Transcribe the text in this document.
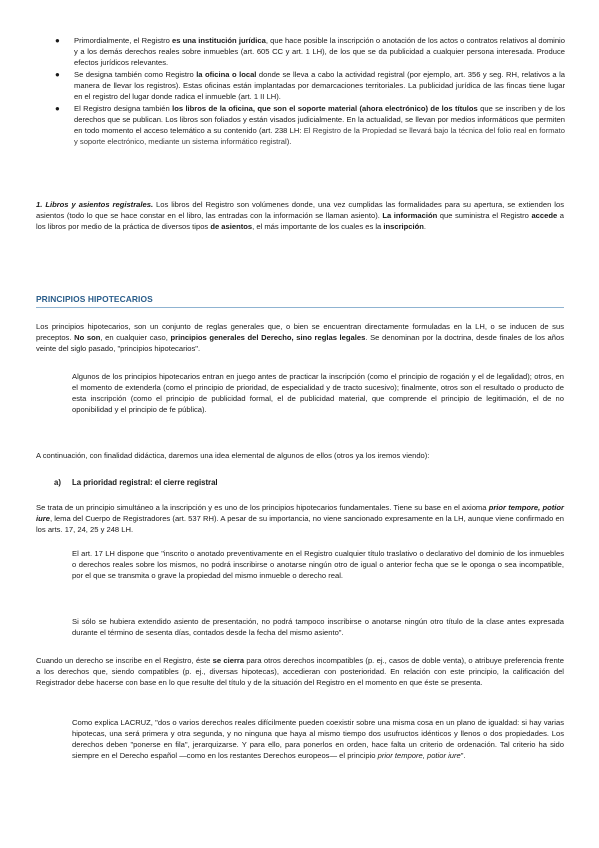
● Primordialmente, el Registro es una institución jurídica, que hace posible la inscripción o anotación de los actos o contratos relativos al dominio y a los demás derechos reales sobre inmuebles (art. 605 CC y art. 1 LH), de los que se da publicidad a cualquier persona interesada. Produce efectos jurídicos relevantes.

● Se designa también como Registro la oficina o local donde se lleva a cabo la actividad registral (por ejemplo, art. 356 y seg. RH, relativos a la manera de llevar los registros). Estas oficinas están implantadas por demarcaciones territoriales. La publicidad jurídica de las fincas tiene lugar en el registro del lugar donde radica el inmueble (art. 1 II LH).

● El Registro designa también los libros de la oficina, que son el soporte material (ahora electrónico) de los títulos que se inscriben y de los derechos que se publican. Los libros son foliados y están visados judicialmente. En la actualidad, se llevan por medios informáticos que permiten en todo momento el acceso telemático a su contenido (art. 238 LH: El Registro de la Propiedad se llevará bajo la técnica del folio real en formato y soporte electrónico, mediante un sistema informático registral).

1. Libros y asientos registrales. Los libros del Registro son volúmenes donde, una vez cumplidas las formalidades para su apertura, se extienden los asientos (todo lo que se hace constar en el libro, las entradas con la información se llaman asiento). La información que suministra el Registro accede a los libros por medio de la práctica de diversos tipos de asientos, el más importante de los cuales es la inscripción.

PRINCIPIOS HIPOTECARIOS

Los principios hipotecarios, son un conjunto de reglas generales que, o bien se encuentran directamente formuladas en la LH, o se inducen de sus preceptos. No son, en cualquier caso, principios generales del Derecho, sino reglas legales. Se denominan por la doctrina, desde finales de los años veinte del siglo pasado, "principios hipotecarios".

Algunos de los principios hipotecarios entran en juego antes de practicar la inscripción (como el principio de rogación y el de legalidad); otros, en el momento de extenderla (como el principio de prioridad, de especialidad y de tracto sucesivo); finalmente, otros son el resultado o producto de esta inscripción (como el principio de publicidad formal, el de publicidad material, que comprende el principio de legitimación, el de no oponibilidad y el principio de fe pública).

A continuación, con finalidad didáctica, daremos una idea elemental de algunos de ellos (otros ya los iremos viendo):

a) La prioridad registral: el cierre registral

Se trata de un principio simultáneo a la inscripción y es uno de los principios hipotecarios fundamentales. Tiene su base en el axioma prior tempore, potior iure, lema del Cuerpo de Registradores (art. 537 RH). A pesar de su importancia, no viene sancionado expresamente en la LH, aunque viene confirmado en los arts. 17, 24, 25 y 248 LH.

El art. 17 LH dispone que "inscrito o anotado preventivamente en el Registro cualquier título traslativo o declarativo del dominio de los inmuebles o derechos reales sobre los mismos, no podrá inscribirse o anotarse ningún otro de igual o anterior fecha que se le oponga o sea incompatible, por el que se transmita o grave la propiedad del mismo inmueble o derecho real.

Si sólo se hubiera extendido asiento de presentación, no podrá tampoco inscribirse o anotarse ningún otro título de la clase antes expresada durante el término de sesenta días, contados desde la fecha del mismo asiento".

Cuando un derecho se inscribe en el Registro, éste se cierra para otros derechos incompatibles (p. ej., casos de doble venta), o atribuye preferencia frente a los derechos que, siendo compatibles (p. ej., diversas hipotecas), accedieran con posterioridad. En relación con este principio, la calificación del Registrador debe hacerse con base en lo que resulte del título y de la situación del Registro en el momento en que éste se presenta.

Como explica LACRUZ, "dos o varios derechos reales difícilmente pueden coexistir sobre una misma cosa en un plano de igualdad: si hay varias hipotecas, una será primera y otra segunda, y no ninguna que haya al mismo tiempo dos usufructos idénticos y llenos o dos propiedades. Los derechos deben "ponerse en fila", jerarquizarse. Y para ello, para ponerlos en orden, hace falta un criterio de ordenación. Tal criterio ha sido siempre en el Derecho español —como en los restantes Derechos europeos— el principio prior tempore, potior iure".
